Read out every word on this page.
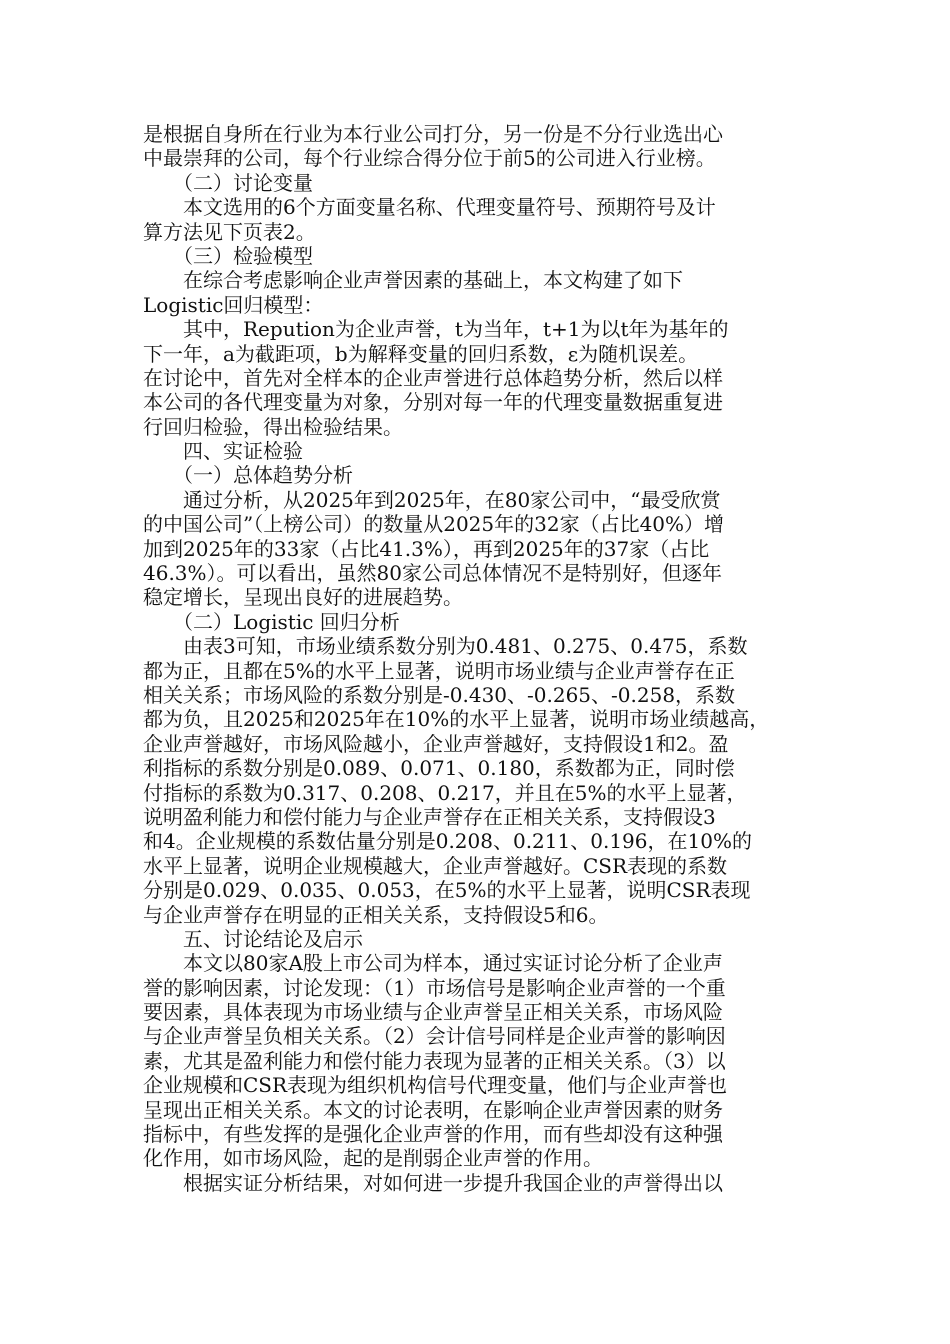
是根据自身所在行业为本行业公司打分，另一份是不分行业选出心
中最崇拜的公司，每个行业综合得分位于前5的公司进入行业榜。
　　（二）讨论变量
　　本文选用的6个方面变量名称、代理变量符号、预期符号及计
算方法见下页表2。
　　（三）检验模型
　　在综合考虑影响企业声誉因素的基础上，本文构建了如下
Logistic回归模型：
　　其中，Repution为企业声誉，t为当年，t+1为以t年为基年的
下一年，a为截距项，b为解释变量的回归系数，ε为随机误差。
在讨论中，首先对全样本的企业声誉进行总体趋势分析，然后以样
本公司的各代理变量为对象，分别对每一年的代理变量数据重复进
行回归检验，得出检验结果。
　　四、实证检验
　　（一）总体趋势分析
　　通过分析，从2025年到2025年，在80家公司中，“最受欣赏
的中国公司”（上榜公司）的数量从2025年的32家（占比40%）增
加到2025年的33家（占比41.3%），再到2025年的37家（占比
46.3%）。可以看出，虽然80家公司总体情况不是特别好，但逐年
稳定增长，呈现出良好的进展趋势。
　　（二）Logistic 回归分析
　　由表3可知，市场业绩系数分别为0.481、0.275、0.475，系数
都为正，且都在5%的水平上显著，说明市场业绩与企业声誉存在正
相关关系；市场风险的系数分别是-0.430、-0.265、-0.258，系数
都为负，且2025和2025年在10%的水平上显著，说明市场业绩越高，
企业声誉越好，市场风险越小，企业声誉越好，支持假设1和2。盈
利指标的系数分别是0.089、0.071、0.180，系数都为正，同时偿
付指标的系数为0.317、0.208、0.217，并且在5%的水平上显著，
说明盈利能力和偿付能力与企业声誉存在正相关关系，支持假设3
和4。企业规模的系数估量分别是0.208、0.211、0.196，在10%的
水平上显著，说明企业规模越大，企业声誉越好。CSR表现的系数
分别是0.029、0.035、0.053，在5%的水平上显著，说明CSR表现
与企业声誉存在明显的正相关关系，支持假设5和6。
　　五、讨论结论及启示
　　本文以80家A股上市公司为样本，通过实证讨论分析了企业声
誉的影响因素，讨论发现：（1）市场信号是影响企业声誉的一个重
要因素，具体表现为市场业绩与企业声誉呈正相关关系，市场风险
与企业声誉呈负相关关系。（2）会计信号同样是企业声誉的影响因
素，尤其是盈利能力和偿付能力表现为显著的正相关关系。（3）以
企业规模和CSR表现为组织机构信号代理变量，他们与企业声誉也
呈现出正相关关系。本文的讨论表明，在影响企业声誉因素的财务
指标中，有些发挥的是强化企业声誉的作用，而有些却没有这种强
化作用，如市场风险，起的是削弱企业声誉的作用。
　　根据实证分析结果，对如何进一步提升我国企业的声誉得出以
